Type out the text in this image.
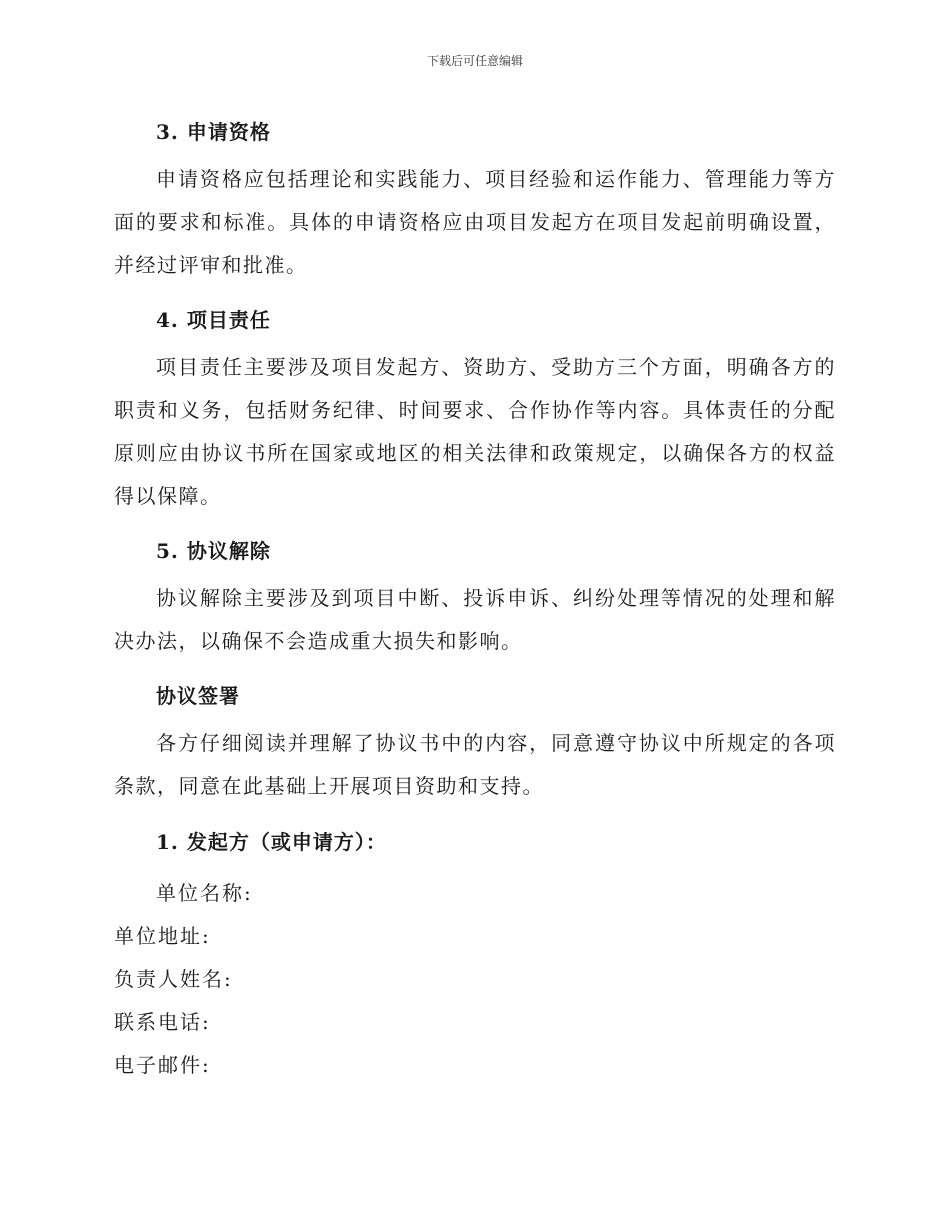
下载后可任意编辑
3. 申请资格
申请资格应包括理论和实践能力、项目经验和运作能力、管理能力等方面的要求和标准。具体的申请资格应由项目发起方在项目发起前明确设置，并经过评审和批准。
4. 项目责任
项目责任主要涉及项目发起方、资助方、受助方三个方面，明确各方的职责和义务，包括财务纪律、时间要求、合作协作等内容。具体责任的分配原则应由协议书所在国家或地区的相关法律和政策规定，以确保各方的权益得以保障。
5. 协议解除
协议解除主要涉及到项目中断、投诉申诉、纠纷处理等情况的处理和解决办法，以确保不会造成重大损失和影响。
协议签署
各方仔细阅读并理解了协议书中的内容，同意遵守协议中所规定的各项条款，同意在此基础上开展项目资助和支持。
1. 发起方（或申请方）：
单位名称:
单位地址:
负责人姓名:
联系电话:
电子邮件:
